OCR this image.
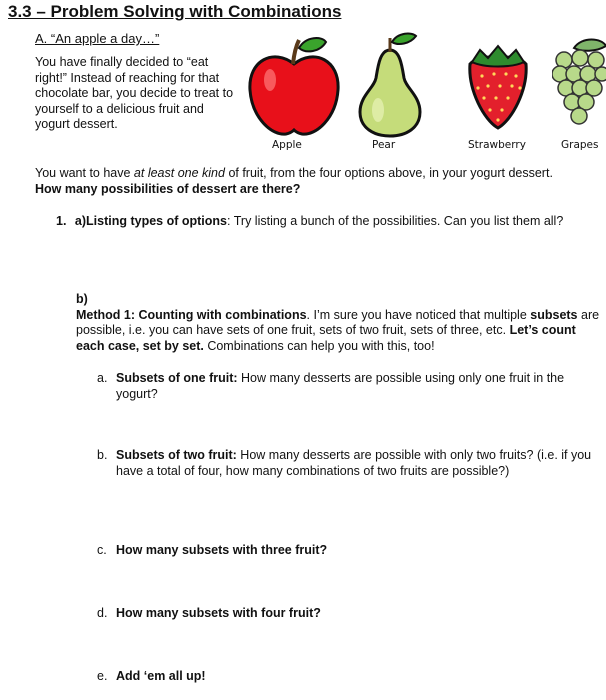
3.3 – Problem Solving with Combinations
A. “An apple a day…”
You have finally decided to “eat right!” Instead of reaching for that chocolate bar, you decide to treat to yourself to a delicious fruit and yogurt dessert.
Apple	Pear	Strawberry	Grapes
You want to have at least one kind of fruit, from the four options above, in your yogurt dessert.
How many possibilities of dessert are there?
1. a)Listing types of options: Try listing a bunch of the possibilities. Can you list them all?
b)
Method 1: Counting with combinations. I’m sure you have noticed that multiple subsets are possible, i.e. you can have sets of one fruit, sets of two fruit, sets of three, etc. Let’s count each case, set by set. Combinations can help you with this, too!
a. Subsets of one fruit: How many desserts are possible using only one fruit in the yogurt?
b. Subsets of two fruit: How many desserts are possible with only two fruits? (i.e. if you have a total of four, how many combinations of two fruits are possible?)
c. How many subsets with three fruit?
d. How many subsets with four fruit?
e. Add ‘em all up!
